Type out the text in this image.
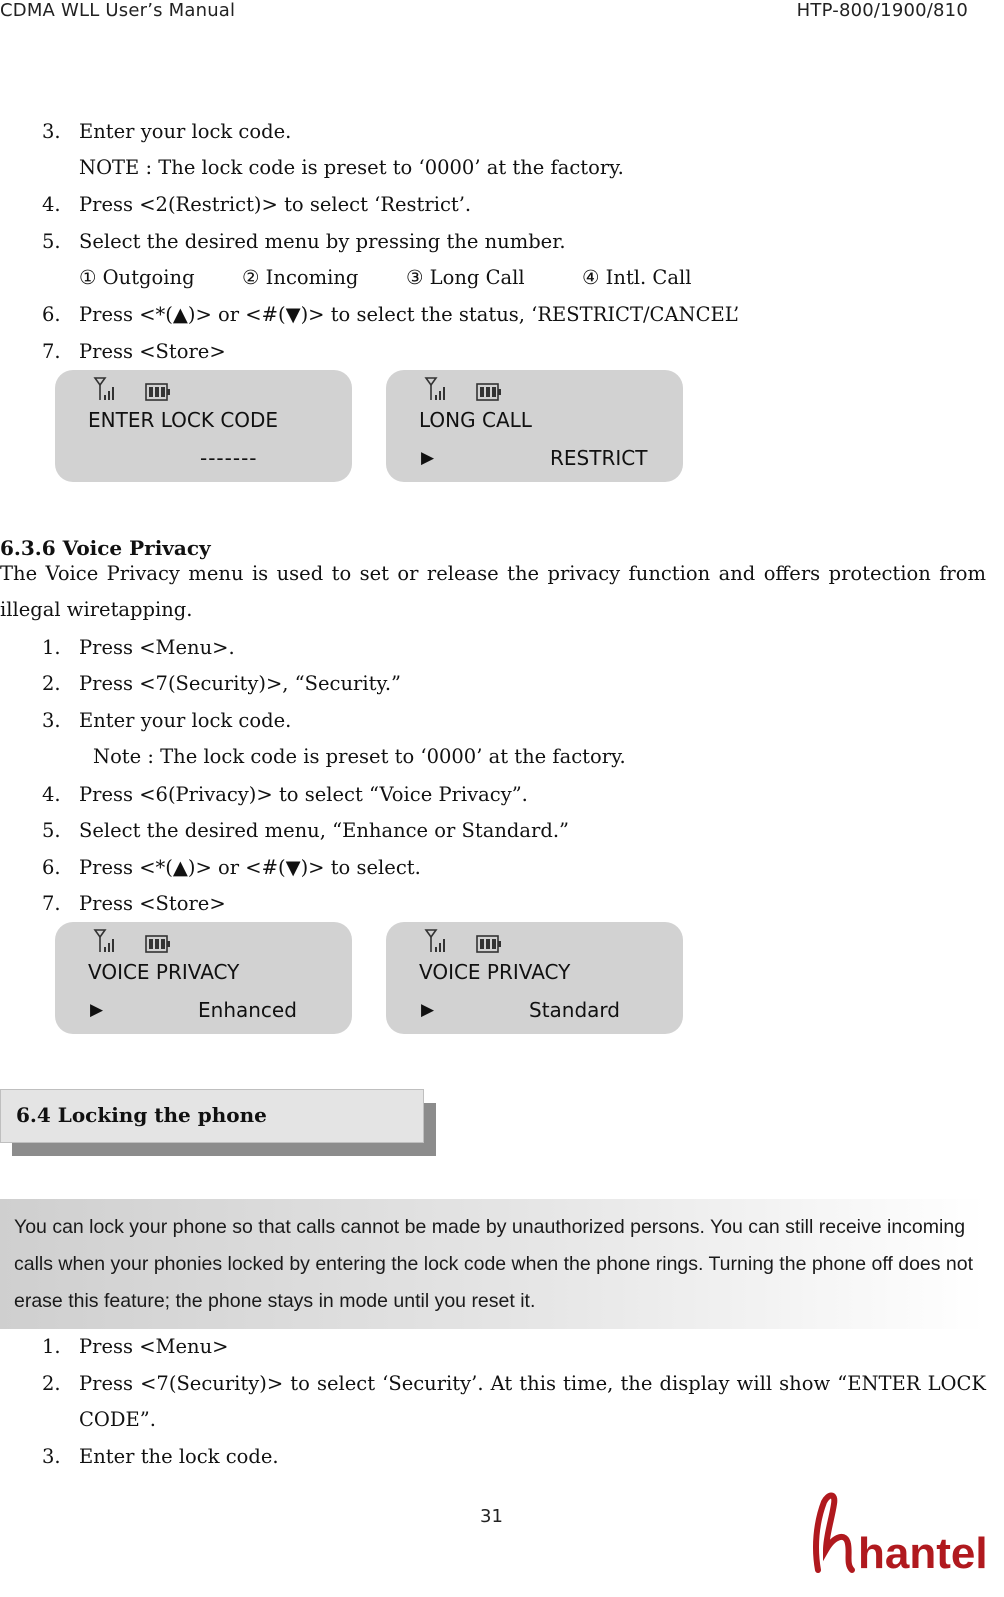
CDMA WLL User’s Manual	HTP-800/1900/810
3. Enter your lock code.
NOTE : The lock code is preset to ‘0000’ at the factory.
4. Press <2(Restrict)> to select ‘Restrict’.
5. Select the desired menu by pressing the number.
① Outgoing ② Incoming ③ Long Call	④ Intl. Call
6. Press <*(▲)> or <#(▼)> to select the status, ‘RESTRICT/CANCEL’
7. Press <Store>
ENTER LOCK CODE
-------
LONG CALL
▶	RESTRICT
6.3.6 Voice Privacy
The Voice Privacy menu is used to set or release the privacy function and offers protection from illegal wiretapping.
1. Press <Menu>.
2. Press <7(Security)>, “Security.”
3. Enter your lock code.
Note : The lock code is preset to ‘0000’ at the factory.
4. Press <6(Privacy)> to select “Voice Privacy”.
5. Select the desired menu, “Enhance or Standard.”
6. Press <*(▲)> or <#(▼)> to select.
7. Press <Store>
VOICE PRIVACY
▶	Enhanced
VOICE PRIVACY
▶	Standard
6.4 Locking the phone

You can lock your phone so that calls cannot be made by unauthorized persons. You can still receive incoming calls when your phonies locked by entering the lock code when the phone rings. Turning the phone off does not erase this feature; the phone stays in mode until you reset it.

1. Press <Menu>
2. Press <7(Security)> to select ‘Security’. At this time, the display will show “ENTER LOCK CODE”.
3. Enter the lock code.
31
hantel
